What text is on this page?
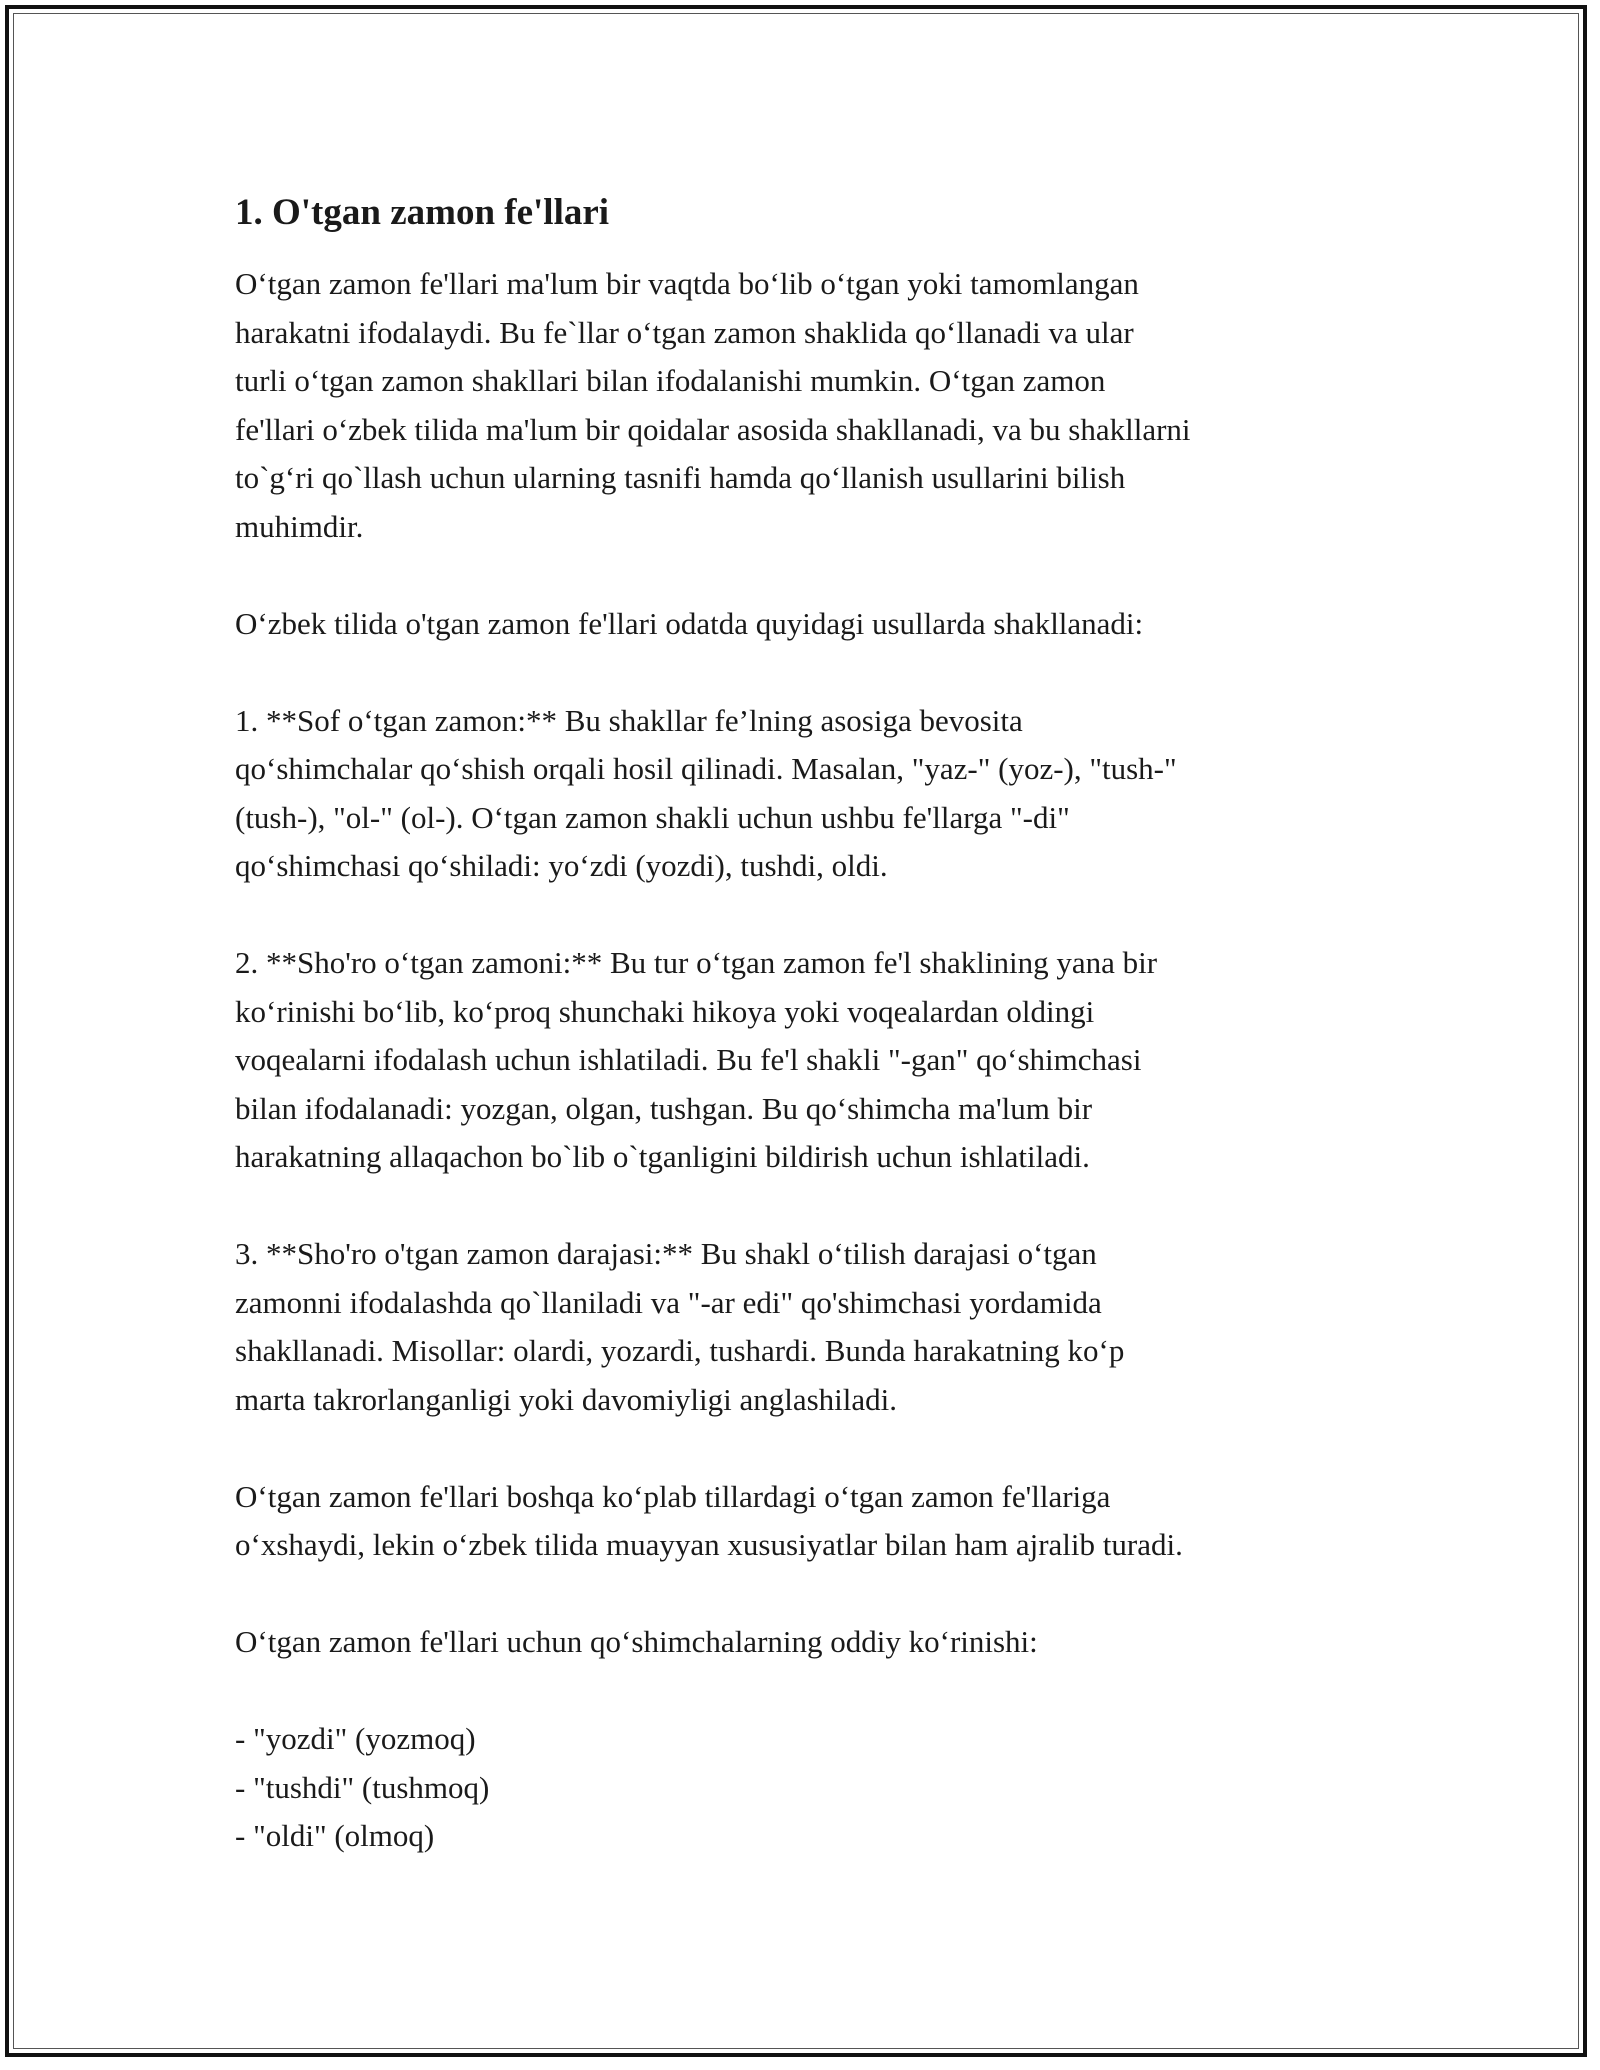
1. O'tgan zamon fe'llari

O‘tgan zamon fe'llari ma'lum bir vaqtda bo‘lib o‘tgan yoki tamomlangan
harakatni ifodalaydi. Bu fe`llar o‘tgan zamon shaklida qo‘llanadi va ular
turli o‘tgan zamon shakllari bilan ifodalanishi mumkin. O‘tgan zamon
fe'llari o‘zbek tilida ma'lum bir qoidalar asosida shakllanadi, va bu shakllarni
to`g‘ri qo`llash uchun ularning tasnifi hamda qo‘llanish usullarini bilish
muhimdir.

O‘zbek tilida o'tgan zamon fe'llari odatda quyidagi usullarda shakllanadi:

1. **Sof o‘tgan zamon:** Bu shakllar fe’lning asosiga bevosita
qo‘shimchalar qo‘shish orqali hosil qilinadi. Masalan, "yaz-" (yoz-), "tush-"
(tush-), "ol-" (ol-). O‘tgan zamon shakli uchun ushbu fe'llarga "-di"
qo‘shimchasi qo‘shiladi: yo‘zdi (yozdi), tushdi, oldi.

2. **Sho'ro o‘tgan zamoni:** Bu tur o‘tgan zamon fe'l shaklining yana bir
ko‘rinishi bo‘lib, ko‘proq shunchaki hikoya yoki voqealardan oldingi
voqealarni ifodalash uchun ishlatiladi. Bu fe'l shakli "-gan" qo‘shimchasi
bilan ifodalanadi: yozgan, olgan, tushgan. Bu qo‘shimcha ma'lum bir
harakatning allaqachon bo`lib o`tganligini bildirish uchun ishlatiladi.

3. **Sho'ro o'tgan zamon darajasi:** Bu shakl o‘tilish darajasi o‘tgan
zamonni ifodalashda qo`llaniladi va "-ar edi" qo'shimchasi yordamida
shakllanadi. Misollar: olardi, yozardi, tushardi. Bunda harakatning ko‘p
marta takrorlanganligi yoki davomiyligi anglashiladi.

O‘tgan zamon fe'llari boshqa ko‘plab tillardagi o‘tgan zamon fe'llariga
o‘xshaydi, lekin o‘zbek tilida muayyan xususiyatlar bilan ham ajralib turadi.

O‘tgan zamon fe'llari uchun qo‘shimchalarning oddiy ko‘rinishi:

- "yozdi" (yozmoq)
- "tushdi" (tushmoq)
- "oldi" (olmoq)
